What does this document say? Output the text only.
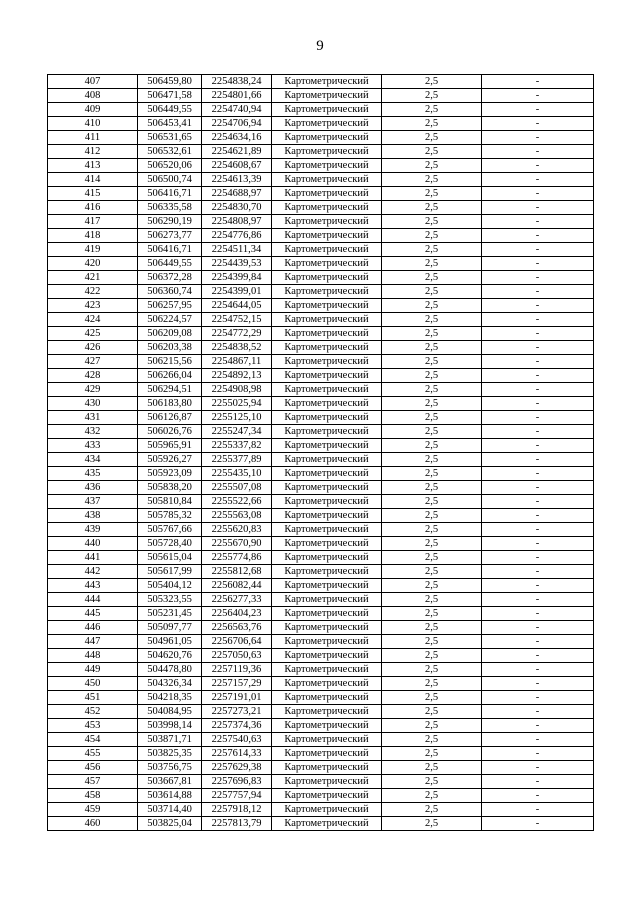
9
407	506459,80	2254838,24	Картометрический	2,5	-
408	506471,58	2254801,66	Картометрический	2,5	-
409	506449,55	2254740,94	Картометрический	2,5	-
410	506453,41	2254706,94	Картометрический	2,5	-
411	506531,65	2254634,16	Картометрический	2,5	-
412	506532,61	2254621,89	Картометрический	2,5	-
413	506520,06	2254608,67	Картометрический	2,5	-
414	506500,74	2254613,39	Картометрический	2,5	-
415	506416,71	2254688,97	Картометрический	2,5	-
416	506335,58	2254830,70	Картометрический	2,5	-
417	506290,19	2254808,97	Картометрический	2,5	-
418	506273,77	2254776,86	Картометрический	2,5	-
419	506416,71	2254511,34	Картометрический	2,5	-
420	506449,55	2254439,53	Картометрический	2,5	-
421	506372,28	2254399,84	Картометрический	2,5	-
422	506360,74	2254399,01	Картометрический	2,5	-
423	506257,95	2254644,05	Картометрический	2,5	-
424	506224,57	2254752,15	Картометрический	2,5	-
425	506209,08	2254772,29	Картометрический	2,5	-
426	506203,38	2254838,52	Картометрический	2,5	-
427	506215,56	2254867,11	Картометрический	2,5	-
428	506266,04	2254892,13	Картометрический	2,5	-
429	506294,51	2254908,98	Картометрический	2,5	-
430	506183,80	2255025,94	Картометрический	2,5	-
431	506126,87	2255125,10	Картометрический	2,5	-
432	506026,76	2255247,34	Картометрический	2,5	-
433	505965,91	2255337,82	Картометрический	2,5	-
434	505926,27	2255377,89	Картометрический	2,5	-
435	505923,09	2255435,10	Картометрический	2,5	-
436	505838,20	2255507,08	Картометрический	2,5	-
437	505810,84	2255522,66	Картометрический	2,5	-
438	505785,32	2255563,08	Картометрический	2,5	-
439	505767,66	2255620,83	Картометрический	2,5	-
440	505728,40	2255670,90	Картометрический	2,5	-
441	505615,04	2255774,86	Картометрический	2,5	-
442	505617,99	2255812,68	Картометрический	2,5	-
443	505404,12	2256082,44	Картометрический	2,5	-
444	505323,55	2256277,33	Картометрический	2,5	-
445	505231,45	2256404,23	Картометрический	2,5	-
446	505097,77	2256563,76	Картометрический	2,5	-
447	504961,05	2256706,64	Картометрический	2,5	-
448	504620,76	2257050,63	Картометрический	2,5	-
449	504478,80	2257119,36	Картометрический	2,5	-
450	504326,34	2257157,29	Картометрический	2,5	-
451	504218,35	2257191,01	Картометрический	2,5	-
452	504084,95	2257273,21	Картометрический	2,5	-
453	503998,14	2257374,36	Картометрический	2,5	-
454	503871,71	2257540,63	Картометрический	2,5	-
455	503825,35	2257614,33	Картометрический	2,5	-
456	503756,75	2257629,38	Картометрический	2,5	-
457	503667,81	2257696,83	Картометрический	2,5	-
458	503614,88	2257757,94	Картометрический	2,5	-
459	503714,40	2257918,12	Картометрический	2,5	-
460	503825,04	2257813,79	Картометрический	2,5	-
